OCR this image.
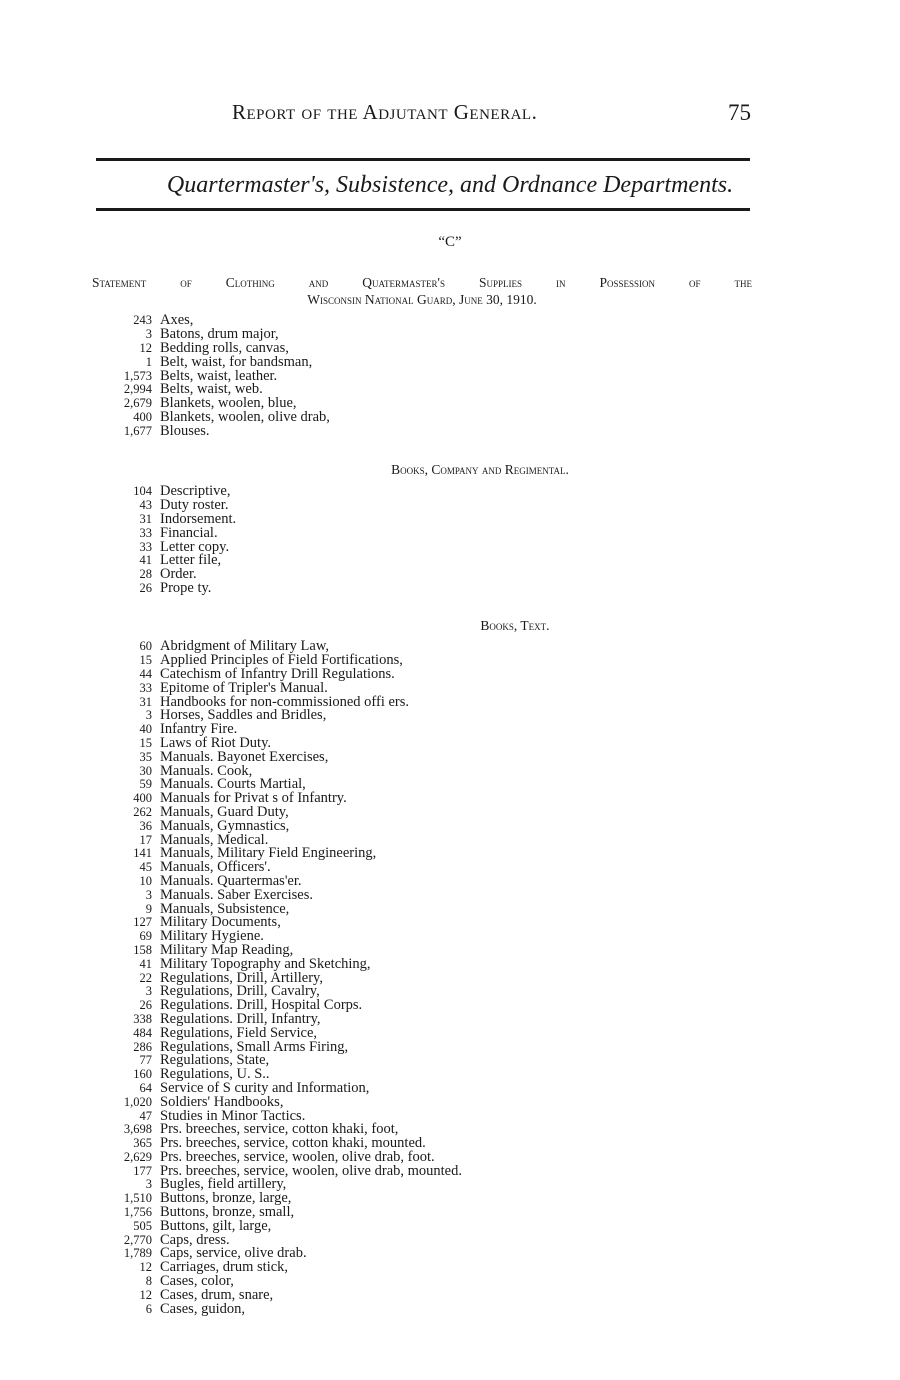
Report of the Adjutant General.	75
Quartermaster's, Subsistence, and Ordnance Departments.
“C”
Statement of Clothing and Quatermaster's Supplies in Possession of the
Wisconsin National Guard, June 30, 1910.
243 Axes,
3 Batons, drum major,
12 Bedding rolls, canvas,
1 Belt, waist, for bandsman,
1,573 Belts, waist, leather.
2,994 Belts, waist, web.
2,679 Blankets, woolen, blue,
400 Blankets, woolen, olive drab,
1,677 Blouses.
Books, Company and Regimental.
104 Descriptive,
43 Duty roster.
31 Indorsement.
33 Financial.
33 Letter copy.
41 Letter file,
28 Order.
26 Prope ty.
Books, Text.
60 Abridgment of Military Law,
15 Applied Principles of Field Fortifications,
44 Catechism of Infantry Drill Regulations.
33 Epitome of Tripler's Manual.
31 Handbooks for non-commissioned offi ers.
3 Horses, Saddles and Bridles,
40 Infantry Fire.
15 Laws of Riot Duty.
35 Manuals. Bayonet Exercises,
30 Manuals. Cook,
59 Manuals. Courts Martial,
400 Manuals for Privat s of Infantry.
262 Manuals, Guard Duty,
36 Manuals, Gymnastics,
17 Manuals, Medical.
141 Manuals, Military Field Engineering,
45 Manuals, Officers'.
10 Manuals. Quartermas'er.
3 Manuals. Saber Exercises.
9 Manuals, Subsistence,
127 Military Documents,
69 Military Hygiene.
158 Military Map Reading,
41 Military Topography and Sketching,
22 Regulations, Drill, Artillery,
3 Regulations, Drill, Cavalry,
26 Regulations. Drill, Hospital Corps.
338 Regulations. Drill, Infantry,
484 Regulations, Field Service,
286 Regulations, Small Arms Firing,
77 Regulations, State,
160 Regulations, U. S..
64 Service of S curity and Information,
1,020 Soldiers' Handbooks,
47 Studies in Minor Tactics.
3,698 Prs. breeches, service, cotton khaki, foot,
365 Prs. breeches, service, cotton khaki, mounted.
2,629 Prs. breeches, service, woolen, olive drab, foot.
177 Prs. breeches, service, woolen, olive drab, mounted.
3 Bugles, field artillery,
1,510 Buttons, bronze, large,
1,756 Buttons, bronze, small,
505 Buttons, gilt, large,
2,770 Caps, dress.
1,789 Caps, service, olive drab.
12 Carriages, drum stick,
8 Cases, color,
12 Cases, drum, snare,
6 Cases, guidon,
